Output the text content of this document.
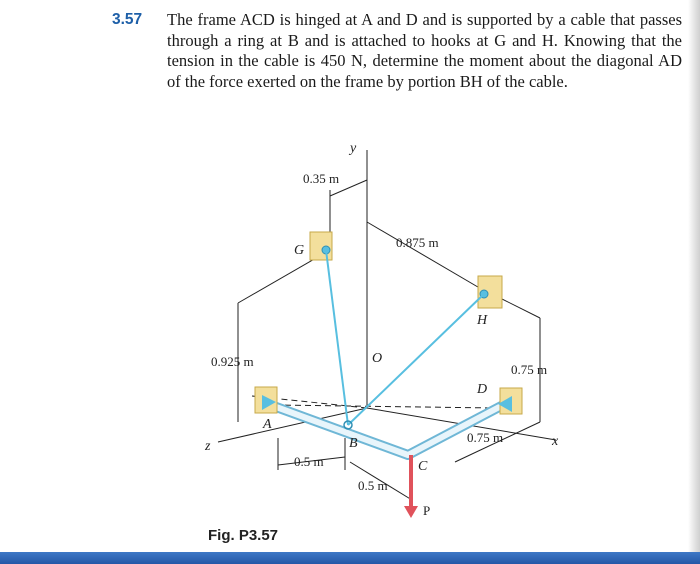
3.57 The frame ACD is hinged at A and D and is supported by a cable that passes through a ring at B and is attached to hooks at G and H. Knowing that the tension in the cable is 450 N, determine the moment about the diagonal AD of the force exerted on the frame by portion BH of the cable.
y
x
z
G
H
O
D
A
B
C
P
0.35 m
0.875 m
0.925 m
0.75 m
0.75 m
0.5 m
0.5 m
Fig. P3.57
